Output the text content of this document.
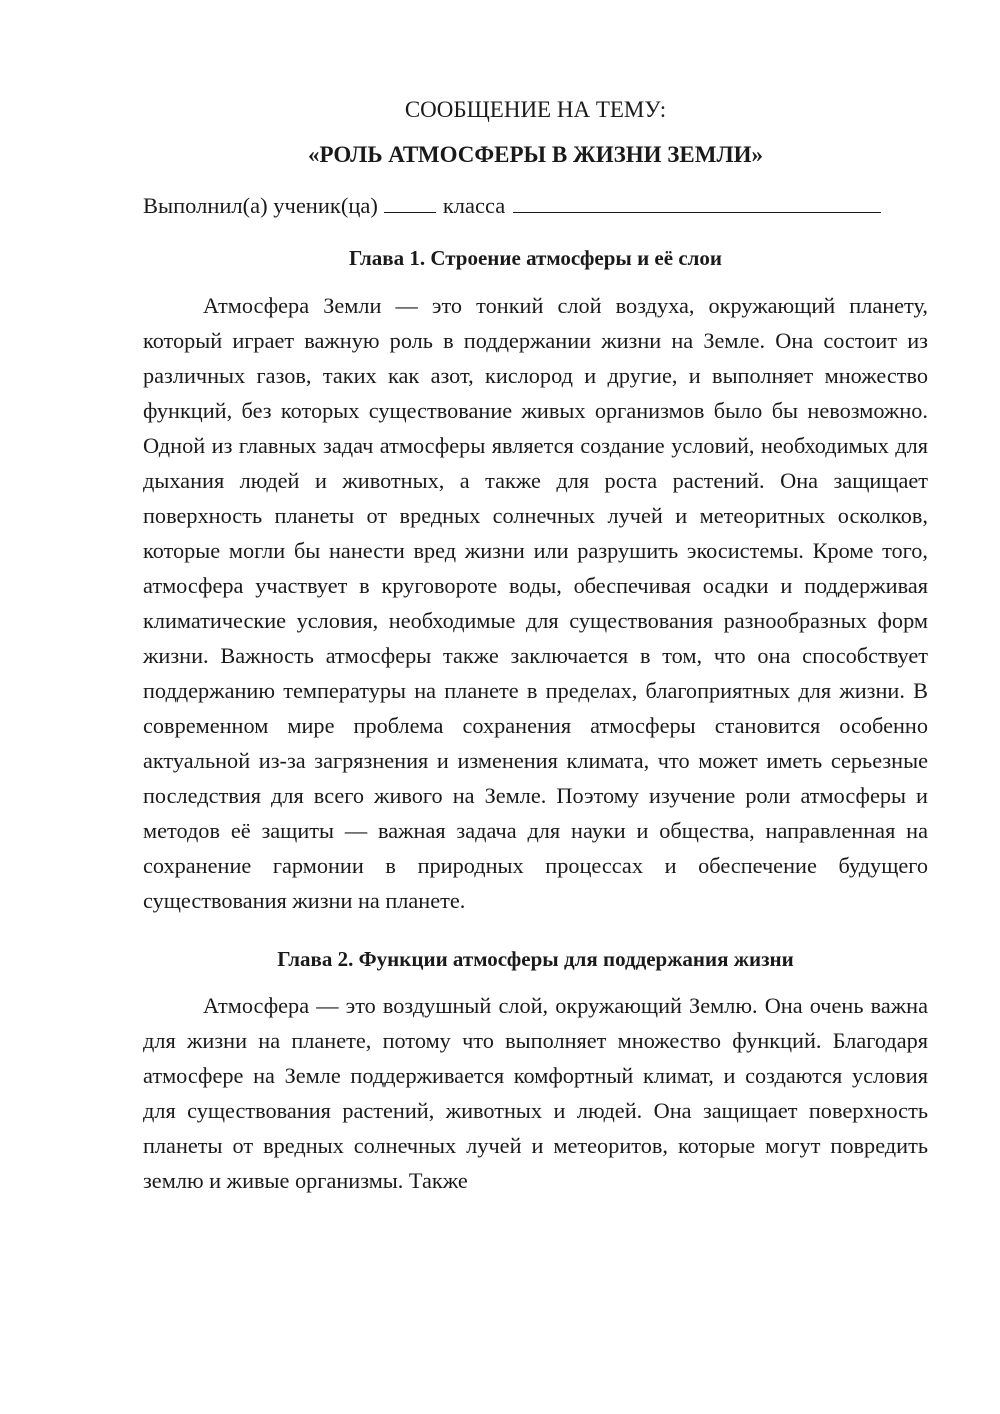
СООБЩЕНИЕ НА ТЕМУ:

«РОЛЬ АТМОСФЕРЫ В ЖИЗНИ ЗЕМЛИ»

Выполнил(а) ученик(ца)	класса
Глава 1. Строение атмосферы и её слои

Атмосфера Земли — это тонкий слой воздуха, окружающий планету, который играет важную роль в поддержании жизни на Земле. Она состоит из различных газов, таких как азот, кислород и другие, и выполняет множество функций, без которых существование живых организмов было бы невозможно. Одной из главных задач атмосферы является создание условий, необходимых для дыхания людей и животных, а также для роста растений. Она защищает поверхность планеты от вредных солнечных лучей и метеоритных осколков, которые могли бы нанести вред жизни или разрушить экосистемы. Кроме того, атмосфера участвует в круговороте воды, обеспечивая осадки и поддерживая климатические условия, необходимые для существования разнообразных форм жизни. Важность атмосферы также заключается в том, что она способствует поддержанию температуры на планете в пределах, благоприятных для жизни. В современном мире проблема сохранения атмосферы становится особенно актуальной из-за загрязнения и изменения климата, что может иметь серьезные последствия для всего живого на Земле. Поэтому изучение роли атмосферы и методов её защиты — важная задача для науки и общества, направленная на сохранение гармонии в природных процессах и обеспечение будущего существования жизни на планете.

Глава 2. Функции атмосферы для поддержания жизни

Атмосфера — это воздушный слой, окружающий Землю. Она очень важна для жизни на планете, потому что выполняет множество функций. Благодаря атмосфере на Земле поддерживается комфортный климат, и создаются условия для существования растений, животных и людей. Она защищает поверхность планеты от вредных солнечных лучей и метеоритов, которые могут повредить землю и живые организмы. Также
